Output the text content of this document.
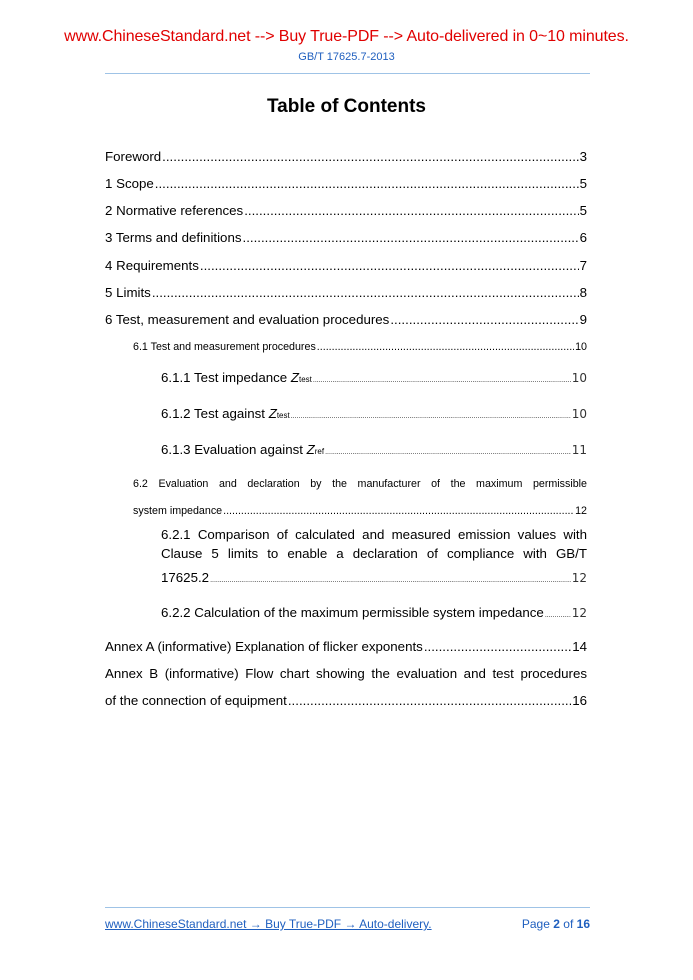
www.ChineseStandard.net --> Buy True-PDF --> Auto-delivered in 0~10 minutes.
GB/T 17625.7-2013
Table of Contents
Foreword .....	3
1 Scope .....	5
2 Normative references .....	5
3 Terms and definitions .....	6
4 Requirements .....	7
5 Limits .....	8
6 Test, measurement and evaluation procedures .....	9
6.1 Test and measurement procedures .....	10
6.1.1 Test impedance Ztest .....	10
6.1.2 Test against Ztest .....	10
6.1.3 Evaluation against Zref .....	11
6.2 Evaluation and declaration by the manufacturer of the maximum permissible
system impedance .....	12
6.2.1 Comparison of calculated and measured emission values with
Clause 5 limits to enable a declaration of compliance with GB/T
17625.2 .....	12
6.2.2 Calculation of the maximum permissible system impedance ..... 12
Annex A (informative) Explanation of flicker exponents .....	14
Annex B (informative) Flow chart showing the evaluation and test procedures
of the connection of equipment .....	16
www.ChineseStandard.net → Buy True-PDF → Auto-delivery.	Page 2 of 16
